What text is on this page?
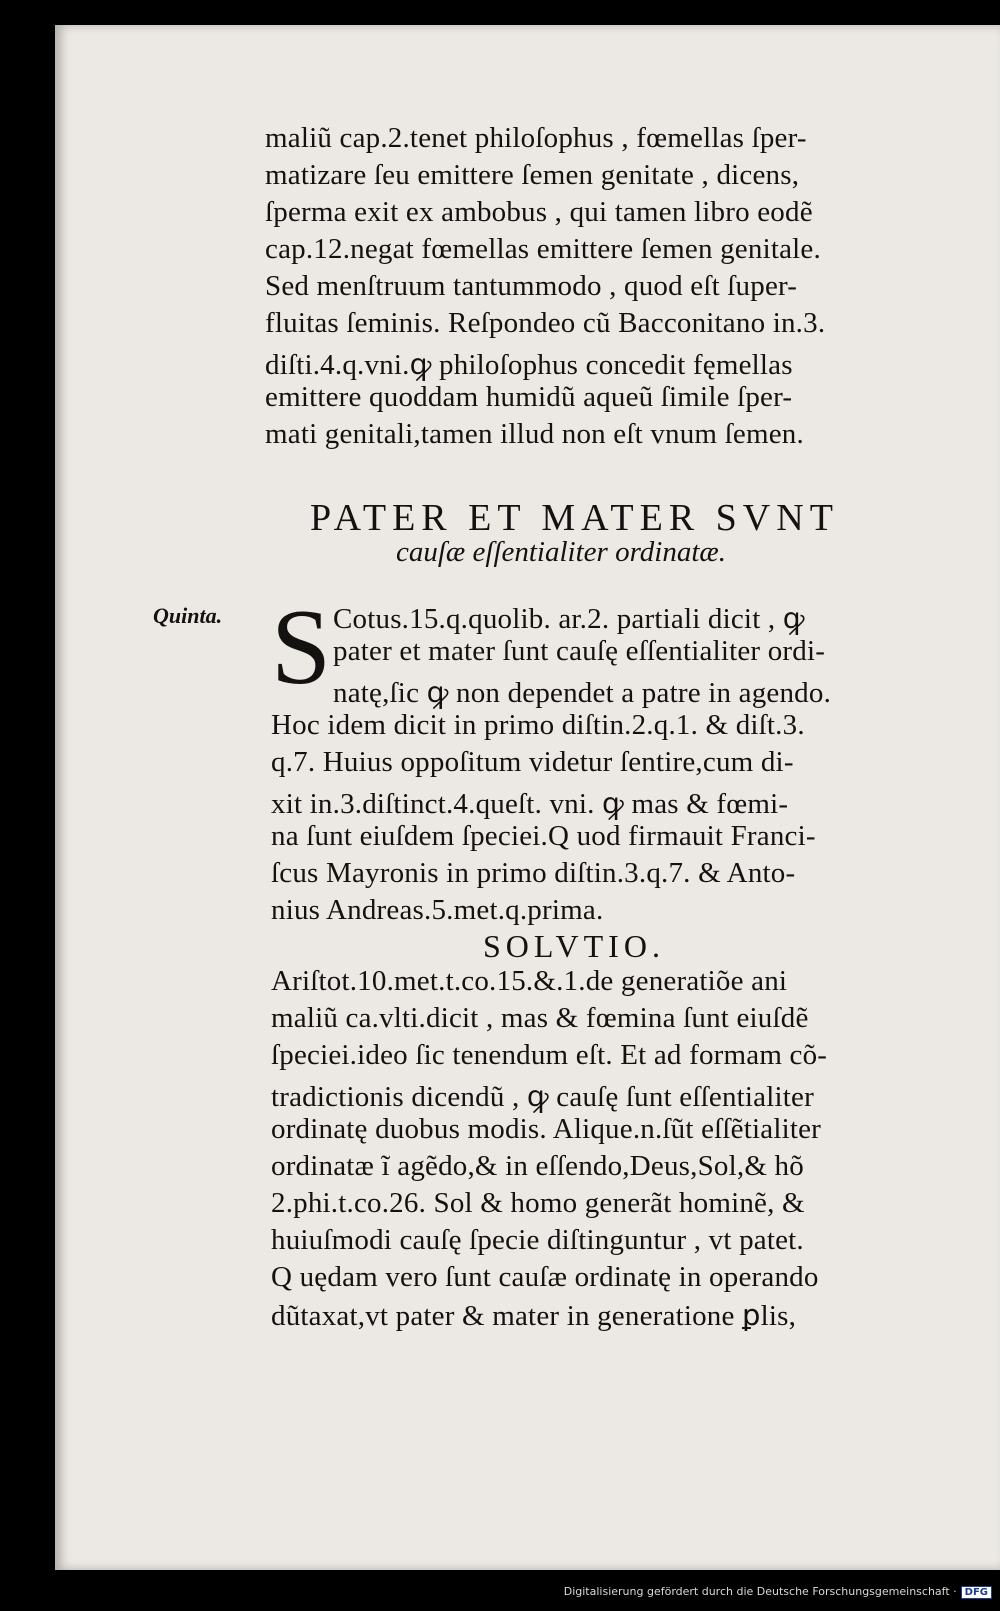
maliũ cap.2.tenet philoſophus , fœmellas ſper-
matizare ſeu emittere ſemen genitate , dicens,
ſperma exit ex ambobus , qui tamen libro eodẽ
cap.12.negat fœmellas emittere ſemen genitale.
Sed menſtruum tantummodo , quod eſt ſuper-
fluitas ſeminis. Reſpondeo cũ Bacconitano in.3.
diſti.4.q.vni.ꝙ philoſophus concedit fęmellas
emittere quoddam humidũ aqueũ ſimile ſper-
mati genitali,tamen illud non eſt vnum ſemen.
PATER ET MATER SVNT
cauſæ eſſentialiter ordinatæ.
Quinta. S Cotus.15.q.quolib. ar.2. partiali dicit , ꝙ
pater et mater ſunt cauſę eſſentialiter ordi-
natę,ſic ꝙ non dependet a patre in agendo.
Hoc idem dicit in primo diſtin.2.q.1. & diſt.3.
q.7. Huius oppoſitum videtur ſentire,cum di-
xit in.3.diſtinct.4.queſt. vni. ꝙ mas & fœmi-
na ſunt eiuſdem ſpeciei.Q uod firmauit Franci-
ſcus Mayronis in primo diſtin.3.q.7. & Anto-
nius Andreas.5.met.q.prima.
SOLVTIO.
Ariſtot.10.met.t.co.15.&.1.de generatiõe ani
maliũ ca.vlti.dicit , mas & fœmina ſunt eiuſdẽ
ſpeciei.ideo ſic tenendum eſt. Et ad formam cõ-
tradictionis dicendũ , ꝙ cauſę ſunt eſſentialiter
ordinatę duobus modis. Alique.n.ſũt eſſẽtialiter
ordinatæ ĩ agẽdo,& in eſſendo,Deus,Sol,& hõ
2.phi.t.co.26. Sol & homo generãt hominẽ, &
huiuſmodi cauſę ſpecie diſtinguntur , vt patet.
Q uędam vero ſunt cauſæ ordinatę in operando
dũtaxat,vt pater & mater in generatione ꝑlis,
Digitalisierung gefördert durch die Deutsche Forschungsgemeinschaft · DFG
